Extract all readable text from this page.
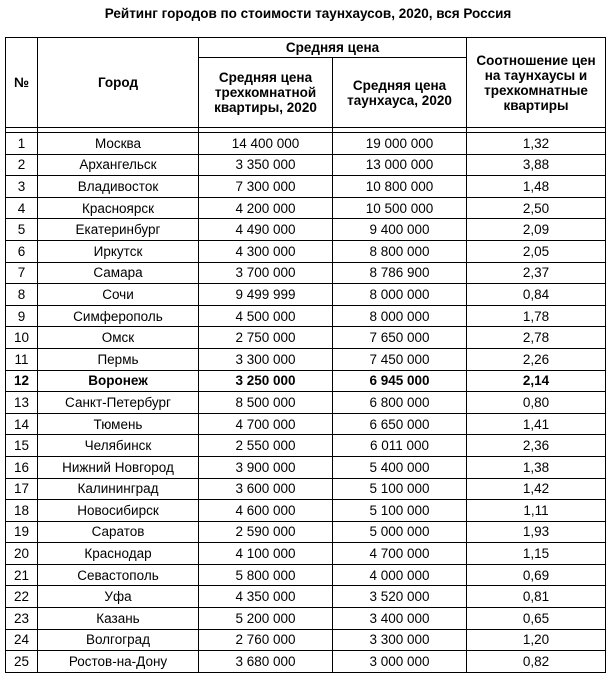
Рейтинг городов по стоимости таунхаусов, 2020, вся Россия
№	Город	Средняя цена		Соотношение цен на таунхаусы и трехкомнатные квартиры
		Средняя цена трехкомнатной квартиры, 2020	Средняя цена таунхауса, 2020	

1	Москва	14 400 000	19 000 000	1,32
2	Архангельск	3 350 000	13 000 000	3,88
3	Владивосток	7 300 000	10 800 000	1,48
4	Красноярск	4 200 000	10 500 000	2,50
5	Екатеринбург	4 490 000	9 400 000	2,09
6	Иркутск	4 300 000	8 800 000	2,05
7	Самара	3 700 000	8 786 900	2,37
8	Сочи	9 499 999	8 000 000	0,84
9	Симферополь	4 500 000	8 000 000	1,78
10	Омск	2 750 000	7 650 000	2,78
11	Пермь	3 300 000	7 450 000	2,26
12	Воронеж	3 250 000	6 945 000	2,14
13	Санкт-Петербург	8 500 000	6 800 000	0,80
14	Тюмень	4 700 000	6 650 000	1,41
15	Челябинск	2 550 000	6 011 000	2,36
16	Нижний Новгород	3 900 000	5 400 000	1,38
17	Калининград	3 600 000	5 100 000	1,42
18	Новосибирск	4 600 000	5 100 000	1,11
19	Саратов	2 590 000	5 000 000	1,93
20	Краснодар	4 100 000	4 700 000	1,15
21	Севастополь	5 800 000	4 000 000	0,69
22	Уфа	4 350 000	3 520 000	0,81
23	Казань	5 200 000	3 400 000	0,65
24	Волгоград	2 760 000	3 300 000	1,20
25	Ростов-на-Дону	3 680 000	3 000 000	0,82
